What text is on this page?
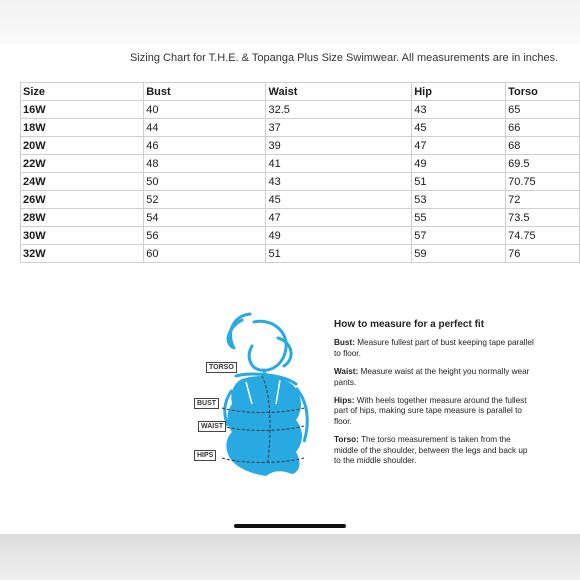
Sizing Chart for T.H.E. & Topanga Plus Size Swimwear. All measurements are in inches.
Size	Bust	Waist	Hip	Torso
16W	40	32.5	43	65
18W	44	37	45	66
20W	46	39	47	68
22W	48	41	49	69.5
24W	50	43	51	70.75
26W	52	45	53	72
28W	54	47	55	73.5
30W	56	49	57	74.75
32W	60	51	59	76
TORSO
BUST
WAIST
HIPS
How to measure for a perfect fit

Bust: Measure fullest part of bust keeping tape parallel to floor.

Waist: Measure waist at the height you normally wear pants.

Hips: With heels together measure around the fullest part of hips, making sure tape measure is parallel to floor.

Torso: The torso measurement is taken from the middle of the shoulder, between the legs and back up to the middle shoulder.
